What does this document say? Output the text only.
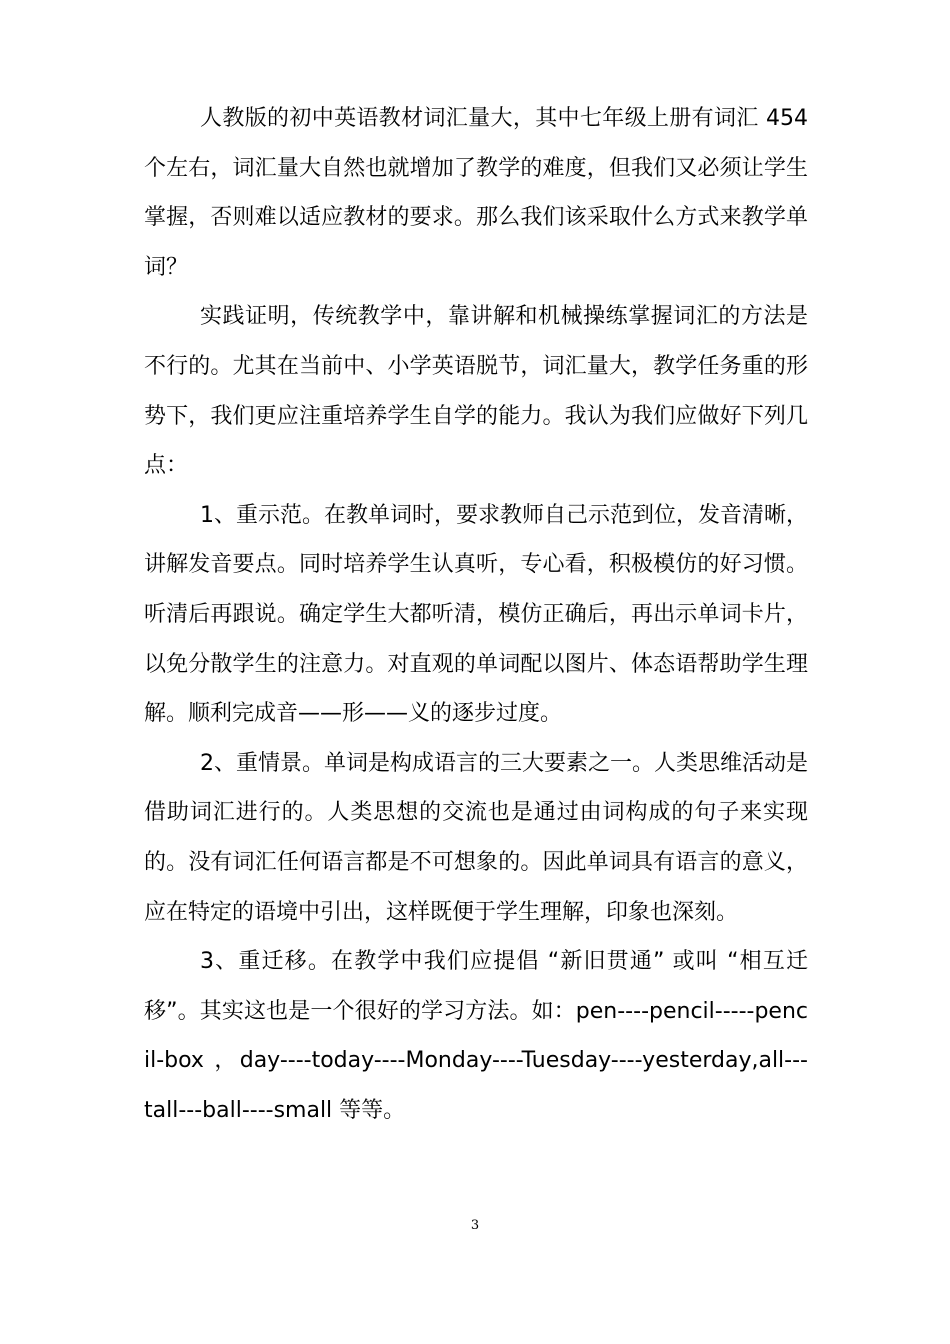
人教版的初中英语教材词汇量大，其中七年级上册有词汇 454个左右，词汇量大自然也就增加了教学的难度，但我们又必须让学生掌握，否则难以适应教材的要求。那么我们该采取什么方式来教学单词？

实践证明，传统教学中，靠讲解和机械操练掌握词汇的方法是不行的。尤其在当前中、小学英语脱节，词汇量大，教学任务重的形势下，我们更应注重培养学生自学的能力。我认为我们应做好下列几点：

1、重示范。在教单词时，要求教师自己示范到位，发音清晰，讲解发音要点。同时培养学生认真听，专心看，积极模仿的好习惯。听清后再跟说。确定学生大都听清，模仿正确后，再出示单词卡片，以免分散学生的注意力。对直观的单词配以图片、体态语帮助学生理解。顺利完成音——形——义的逐步过度。

2、重情景。单词是构成语言的三大要素之一。人类思维活动是借助词汇进行的。人类思想的交流也是通过由词构成的句子来实现的。没有词汇任何语言都是不可想象的。因此单词具有语言的意义，应在特定的语境中引出，这样既便于学生理解，印象也深刻。

3、重迁移。在教学中我们应提倡 “新旧贯通” 或叫 “相互迁移”。其实这也是一个很好的学习方法。如：pen----pencil-----pencil-box ，day----today----Monday----Tuesday----yesterday,all---tall---ball----small 等等。

3
